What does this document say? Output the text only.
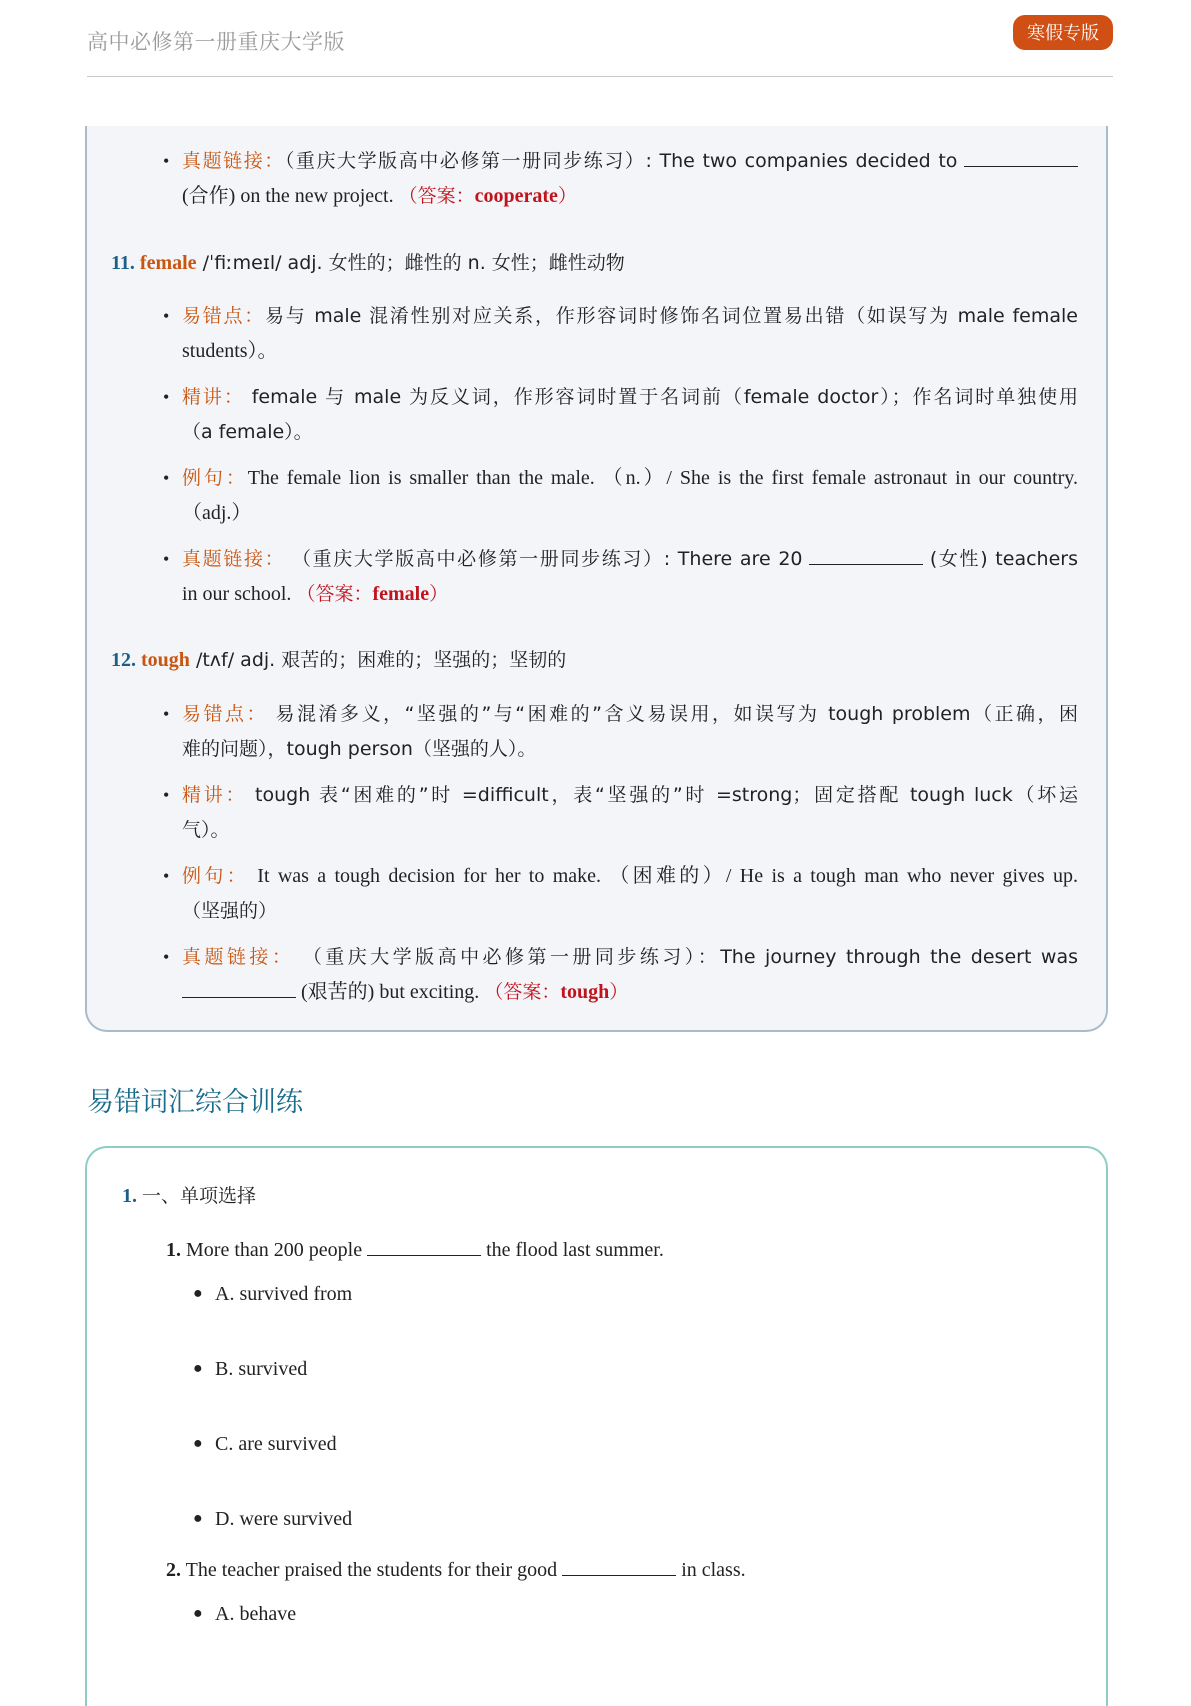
高中必修第一册重庆大学版	寒假专版
• 真题链接：（重庆大学版高中必修第一册同步练习）: The two companies decided to
(合作) on the new project. （答案：cooperate）
11. female /ˈfiːmeɪl/ adj. 女性的；雌性的 n. 女性；雌性动物
• 易错点：易与 male 混淆性别对应关系，作形容词时修饰名词位置易出错（如误写为 male female
students）。
• 精讲： female 与 male 为反义词，作形容词时置于名词前（female doctor）；作名词时单独使用
（a female）。
• 例句：The female lion is smaller than the male. （n.）/ She is the first female astronaut in our country.
（adj.）
• 真题链接： （重庆大学版高中必修第一册同步练习）: There are 20	(女性) teachers
in our school. （答案：female）
12. tough /tʌf/ adj. 艰苦的；困难的；坚强的；坚韧的
• 易错点： 易混淆多义，“坚强的”与“困难的”含义易误用，如误写为 tough problem（正确，困
难的问题），tough person（坚强的人）。
• 精讲： tough 表“困难的”时 =difficult，表“坚强的”时 =strong；固定搭配 tough luck（坏运
气）。
• 例句： It was a tough decision for her to make. （困难的）/ He is a tough man who never gives up.
（坚强的）
• 真题链接： （重庆大学版高中必修第一册同步练习）：The journey through the desert was
(艰苦的) but exciting. （答案：tough）
易错词汇综合训练
1. 一、单项选择
1. More than 200 people	the flood last summer.
● A. survived from
● B. survived
● C. are survived
● D. were survived
2. The teacher praised the students for their good	in class.
● A. behave
